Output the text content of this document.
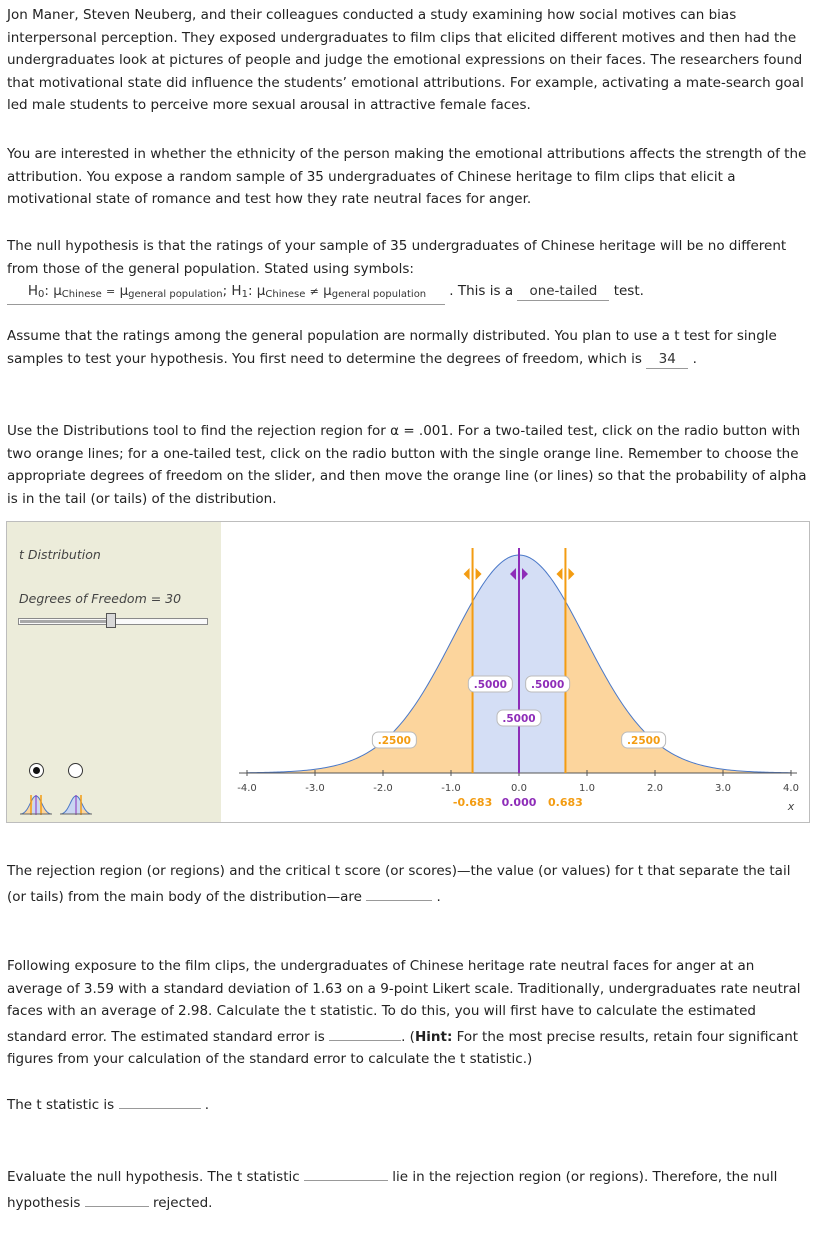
Jon Maner, Steven Neuberg, and their colleagues conducted a study examining how social motives can bias interpersonal perception. They exposed undergraduates to film clips that elicited different motives and then had the undergraduates look at pictures of people and judge the emotional expressions on their faces. The researchers found that motivational state did influence the students’ emotional attributions. For example, activating a mate-search goal led male students to perceive more sexual arousal in attractive female faces.

You are interested in whether the ethnicity of the person making the emotional attributions affects the strength of the attribution. You expose a random sample of 35 undergraduates of Chinese heritage to film clips that elicit a motivational state of romance and test how they rate neutral faces for anger.

The null hypothesis is that the ratings of your sample of 35 undergraduates of Chinese heritage will be no different from those of the general population. Stated using symbols:
$H_0$: $\mu_{Chinese} = \mu_{general population}$; $H_1$: $\mu_{Chinese} \ne \mu_{general population}$ . This is a one-tailed test.

Assume that the ratings among the general population are normally distributed. You plan to use a t test for single samples to test your hypothesis. You first need to determine the degrees of freedom, which is 34 .

Use the Distributions tool to find the rejection region for α = .001. For a two-tailed test, click on the radio button with two orange lines; for a one-tailed test, click on the radio button with the single orange line. Remember to choose the appropriate degrees of freedom on the slider, and then move the orange line (or lines) so that the probability of alpha is in the tail (or tails) of the distribution.

t Distribution
Degrees of Freedom = 30
-4.0	-3.0	-2.0	-1.0	0.0	1.0	2.0	3.0	4.0
x
-0.683 0.000 0.683
.2500
.5000
.5000
.5000
.2500

The rejection region (or regions) and the critical t score (or scores)—the value (or values) for t that separate the tail (or tails) from the main body of the distribution—are	.

Following exposure to the film clips, the undergraduates of Chinese heritage rate neutral faces for anger at an average of 3.59 with a standard deviation of 1.63 on a 9-point Likert scale. Traditionally, undergraduates rate neutral faces with an average of 2.98. Calculate the t statistic. To do this, you will first have to calculate the estimated standard error. The estimated standard error is	. (Hint: For the most precise results, retain four significant figures from your calculation of the standard error to calculate the t statistic.)

The t statistic is	.

Evaluate the null hypothesis. The t statistic	lie in the rejection region (or regions). Therefore, the null hypothesis	rejected.
